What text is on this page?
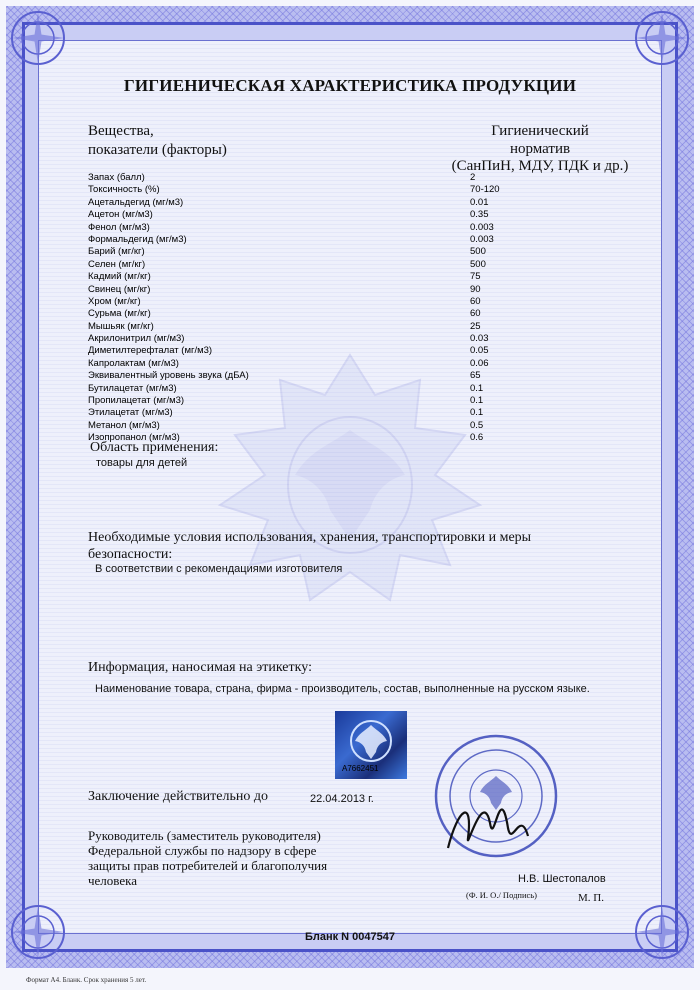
ГИГИЕНИЧЕСКАЯ ХАРАКТЕРИСТИКА ПРОДУКЦИИ
Вещества,
показатели (факторы)
Гигиенический
норматив
(СанПиН, МДУ, ПДК и др.)
Запах (балл)	2
Токсичность (%)	70-120
Ацетальдегид (мг/м3)	0.01
Ацетон (мг/м3)	0.35
Фенол (мг/м3)	0.003
Формальдегид (мг/м3)	0.003
Барий (мг/кг)	500
Селен (мг/кг)	500
Кадмий (мг/кг)	75
Свинец (мг/кг)	90
Хром (мг/кг)	60
Сурьма (мг/кг)	60
Мышьяк (мг/кг)	25
Акрилонитрил (мг/м3)	0.03
Диметилтерефталат (мг/м3)	0.05
Капролактам (мг/м3)	0.06
Эквивалентный уровень звука (дБА)	65
Бутилацетат (мг/м3)	0.1
Пропилацетат (мг/м3)	0.1
Этилацетат (мг/м3)	0.1
Метанол (мг/м3)	0.5
Изопропанол (мг/м3)	0.6
Область применения:
товары для детей
Необходимые условия использования, хранения, транспортировки и меры
безопасности:
В соответствии с рекомендациями изготовителя
Информация, наносимая на этикетку:
Наименование товара, страна, фирма - производитель, состав, выполненные на русском языке.
A7662451
Заключение действительно до	22.04.2013 г.
Руководитель (заместитель руководителя)
Федеральной службы по надзору в сфере
защиты прав потребителей и благополучия
человека	Н.В. Шестопалов
(Ф. И. О./ Подпись)	М. П.
Бланк N 0047547
Формат А4. Бланк. Срок хранения 5 лет.
